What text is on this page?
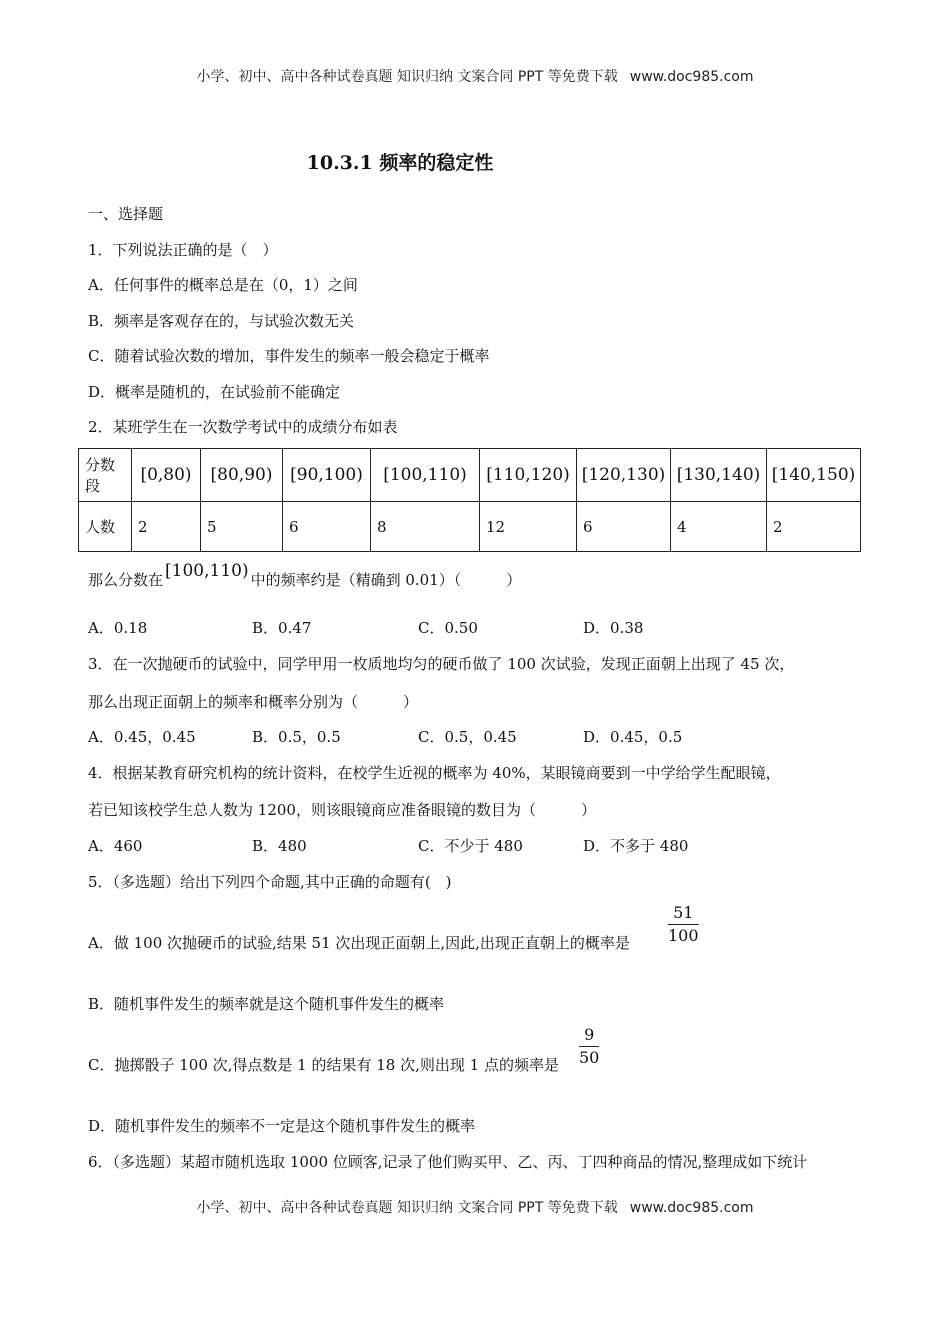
小学、初中、高中各种试卷真题 知识归纳 文案合同 PPT 等免费下载 www.doc985.com
10.3.1 频率的稳定性
一、选择题
1．下列说法正确的是（　）
A．任何事件的概率总是在（0，1）之间
B．频率是客观存在的，与试验次数无关
C．随着试验次数的增加，事件发生的频率一般会稳定于概率
D．概率是随机的，在试验前不能确定
2．某班学生在一次数学考试中的成绩分布如表
分数段	[0,80)	[80,90)	[90,100)	[100,110)	[110,120)	[120,130)	[130,140)	[140,150)
人数	2	5	6	8	12	6	4	2
那么分数在 [100,110) 中的频率约是（精确到 0.01）（　　　）
A．0.18	B．0.47	C．0.50	D．0.38
3．在一次抛硬币的试验中，同学甲用一枚质地均匀的硬币做了 100 次试验，发现正面朝上出现了 45 次，
那么出现正面朝上的频率和概率分别为（　　　）
A．0.45，0.45	B．0.5，0.5	C．0.5，0.45	D．0.45，0.5
4．根据某教育研究机构的统计资料，在校学生近视的概率为 40%，某眼镜商要到一中学给学生配眼镜，
若已知该校学生总人数为 1200，则该眼镜商应准备眼镜的数目为（　　　）
A．460	B．480	C．不少于 480	D．不多于 480
5．（多选题）给出下列四个命题,其中正确的命题有(　)
A．做 100 次抛硬币的试验,结果 51 次出现正面朝上,因此,出现正直朝上的概率是 $\frac{51}{100}$
B．随机事件发生的频率就是这个随机事件发生的概率
C．抛掷骰子 100 次,得点数是 1 的结果有 18 次,则出现 1 点的频率是 $\frac{9}{50}$
D．随机事件发生的频率不一定是这个随机事件发生的概率
6．（多选题）某超市随机选取 1000 位顾客,记录了他们购买甲、乙、丙、丁四种商品的情况,整理成如下统计
小学、初中、高中各种试卷真题 知识归纳 文案合同 PPT 等免费下载 www.doc985.com
